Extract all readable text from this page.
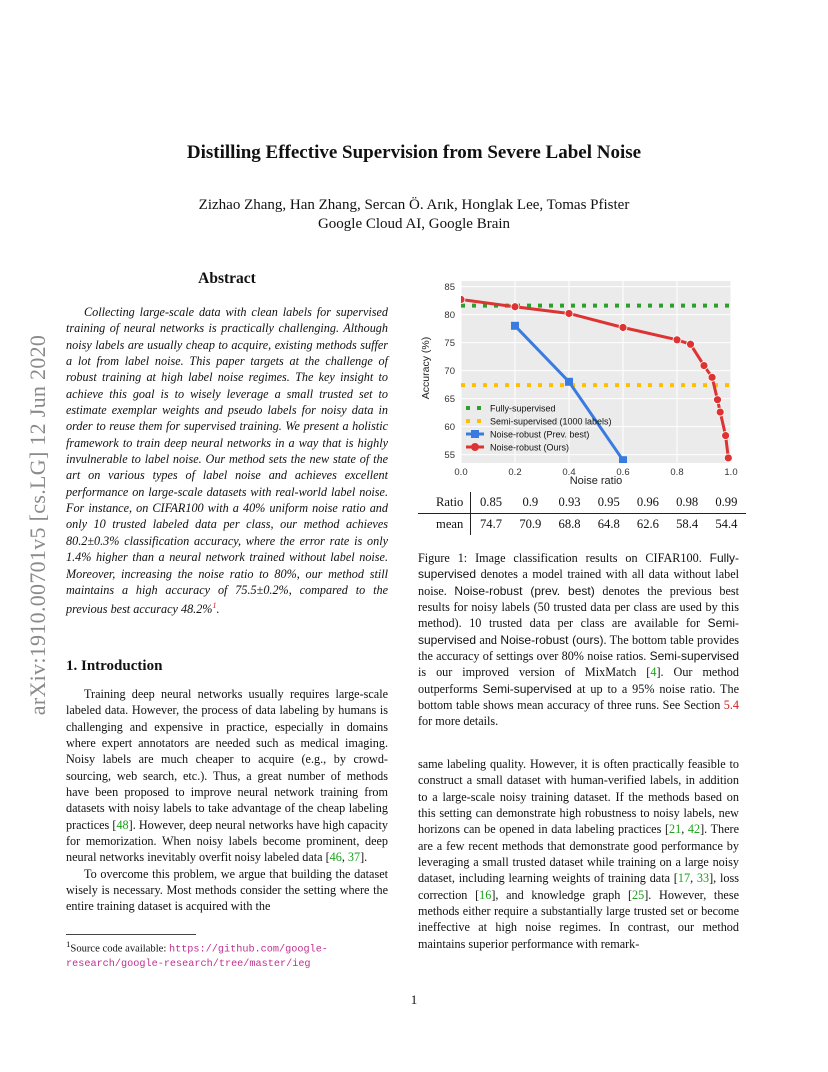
arXiv:1910.00701v5 [cs.LG] 12 Jun 2020
Distilling Effective Supervision from Severe Label Noise
Zizhao Zhang, Han Zhang, Sercan Ö. Arık, Honglak Lee, Tomas Pfister
Google Cloud AI, Google Brain
Abstract
Collecting large-scale data with clean labels for supervised training of neural networks is practically challenging. Although noisy labels are usually cheap to acquire, existing methods suffer a lot from label noise. This paper targets at the challenge of robust training at high label noise regimes. The key insight to achieve this goal is to wisely leverage a small trusted set to estimate exemplar weights and pseudo labels for noisy data in order to reuse them for supervised training. We present a holistic framework to train deep neural networks in a way that is highly invulnerable to label noise. Our method sets the new state of the art on various types of label noise and achieves excellent performance on large-scale datasets with real-world label noise. For instance, on CIFAR100 with a 40% uniform noise ratio and only 10 trusted labeled data per class, our method achieves 80.2±0.3% classification accuracy, where the error rate is only 1.4% higher than a neural network trained without label noise. Moreover, increasing the noise ratio to 80%, our method still maintains a high accuracy of 75.5±0.2%, compared to the previous best accuracy 48.2%$^1$.
1. Introduction

Training deep neural networks usually requires large-scale labeled data. However, the process of data labeling by humans is challenging and expensive in practice, especially in domains where expert annotators are needed such as medical imaging. Noisy labels are much cheaper to acquire (e.g., by crowd-sourcing, web search, etc.). Thus, a great number of methods have been proposed to improve neural network training from datasets with noisy labels to take advantage of the cheap labeling practices [48]. However, deep neural networks have high capacity for memorization. When noisy labels become prominent, deep neural networks inevitably overfit noisy labeled data [46, 37].

To overcome this problem, we argue that building the dataset wisely is necessary. Most methods consider the setting where the entire training dataset is acquired with the

$^1$Source code available: https://github.com/google-research/google-research/tree/master/ieg
1
55
60
65
70
75
80
85
0.0	0.2	0.4	0.6	0.8	1.0
Fully-supervised
Semi-supervised (1000 labels)
Noise-robust (Prev. best)
Noise-robust (Ours)
Noise ratio
Accuracy (%)
Ratio	0.85	0.9	0.93	0.95	0.96	0.98	0.99
mean	74.7	70.9	68.8	64.8	62.6	58.4	54.4
Figure 1: Image classification results on CIFAR100. Fully-supervised denotes a model trained with all data without label noise. Noise-robust (prev. best) denotes the previous best results for noisy labels (50 trusted data per class are used by this method). 10 trusted data per class are available for Semi-supervised and Noise-robust (ours). The bottom table provides the accuracy of settings over 80% noise ratios. Semi-supervised is our improved version of MixMatch [4]. Our method outperforms Semi-supervised at up to a 95% noise ratio. The bottom table shows mean accuracy of three runs. See Section 5.4 for more details.
same labeling quality. However, it is often practically feasible to construct a small dataset with human-verified labels, in addition to a large-scale noisy training dataset. If the methods based on this setting can demonstrate high robustness to noisy labels, new horizons can be opened in data labeling practices [21, 42]. There are a few recent methods that demonstrate good performance by leveraging a small trusted dataset while training on a large noisy dataset, including learning weights of training data [17, 33], loss correction [16], and knowledge graph [25]. However, these methods either require a substantially large trusted set or become ineffective at high noise regimes. In contrast, our method maintains superior performance with remark-
